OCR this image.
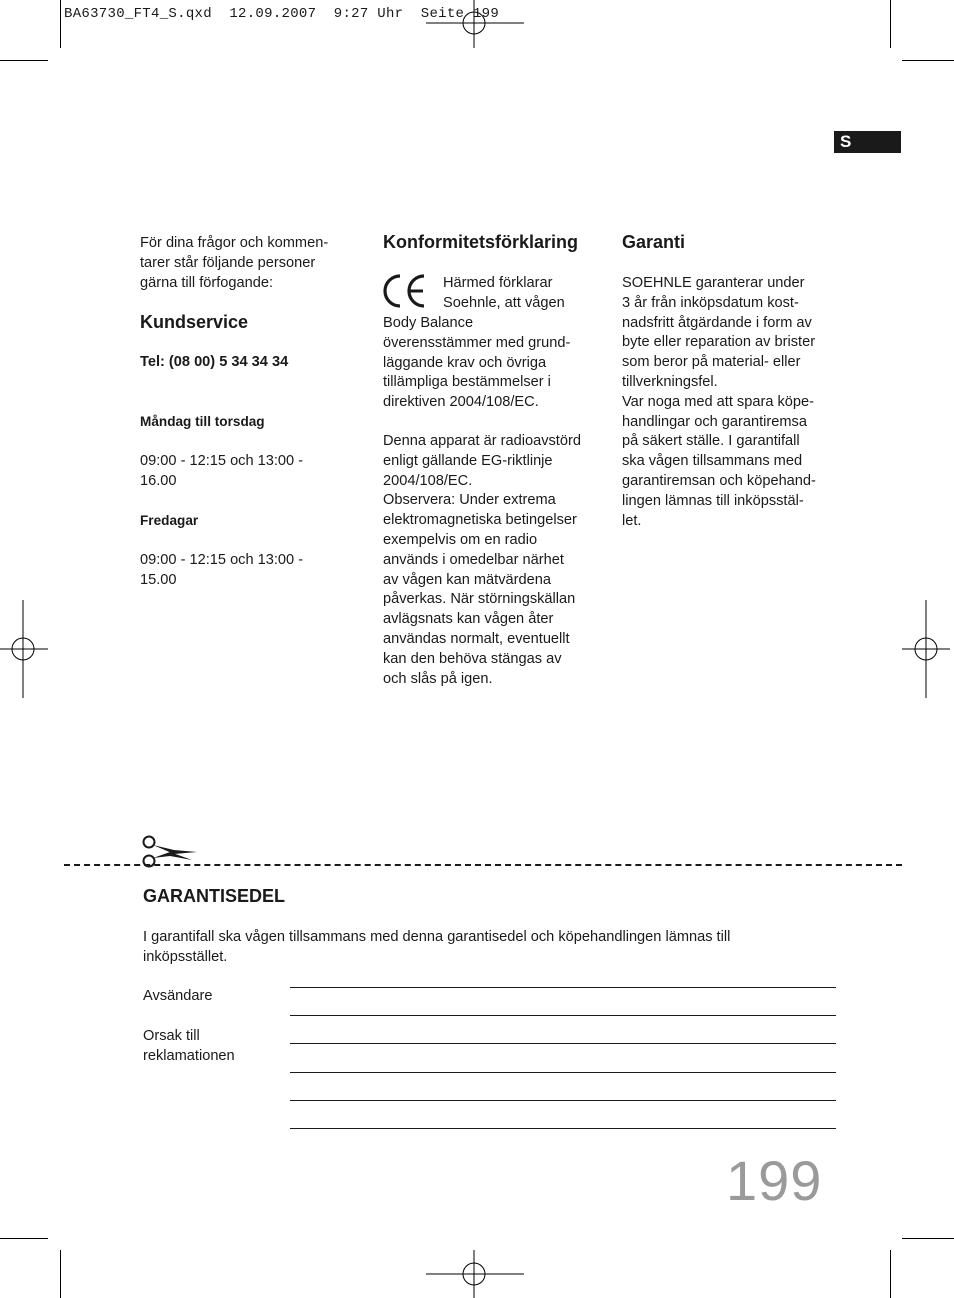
BA63730_FT4_S.qxd  12.09.2007  9:27 Uhr  Seite 199
S

För dina frågor och kommen-
tarer står följande personer
gärna till förfogande:

Kundservice

Tel: (08 00) 5 34 34 34

Måndag till torsdag

09:00 - 12:15 och 13:00 -
16.00

Fredagar

09:00 - 12:15 och 13:00 -
15.00

Konformitetsförklaring

Härmed förklarar
Soehnle, att vågen

Body Balance
överensstämmer med grund-
läggande krav och övriga
tillämpliga bestämmelser i
direktiven 2004/108/EC.

Denna apparat är radioavstörd
enligt gällande EG-riktlinje
2004/108/EC.
Observera: Under extrema
elektromagnetiska betingelser
exempelvis om en radio
används i omedelbar närhet
av vågen kan mätvärdena
påverkas. När störningskällan
avlägsnats kan vågen åter
användas normalt, eventuellt
kan den behöva stängas av
och slås på igen.

Garanti

SOEHNLE garanterar under
3 år från inköpsdatum kost-
nadsfritt åtgärdande i form av
byte eller reparation av brister
som beror på material- eller
tillverkningsfel.
Var noga med att spara köpe-
handlingar och garantiremsa
på säkert ställe. I garantifall
ska vågen tillsammans med
garantiremsan och köpehand-
lingen lämnas till inköpsstäl-
let.

GARANTISEDEL

I garantifall ska vågen tillsammans med denna garantisedel och köpehandlingen lämnas till
inköpsstället.

Avsändare

Orsak till
reklamationen

199
